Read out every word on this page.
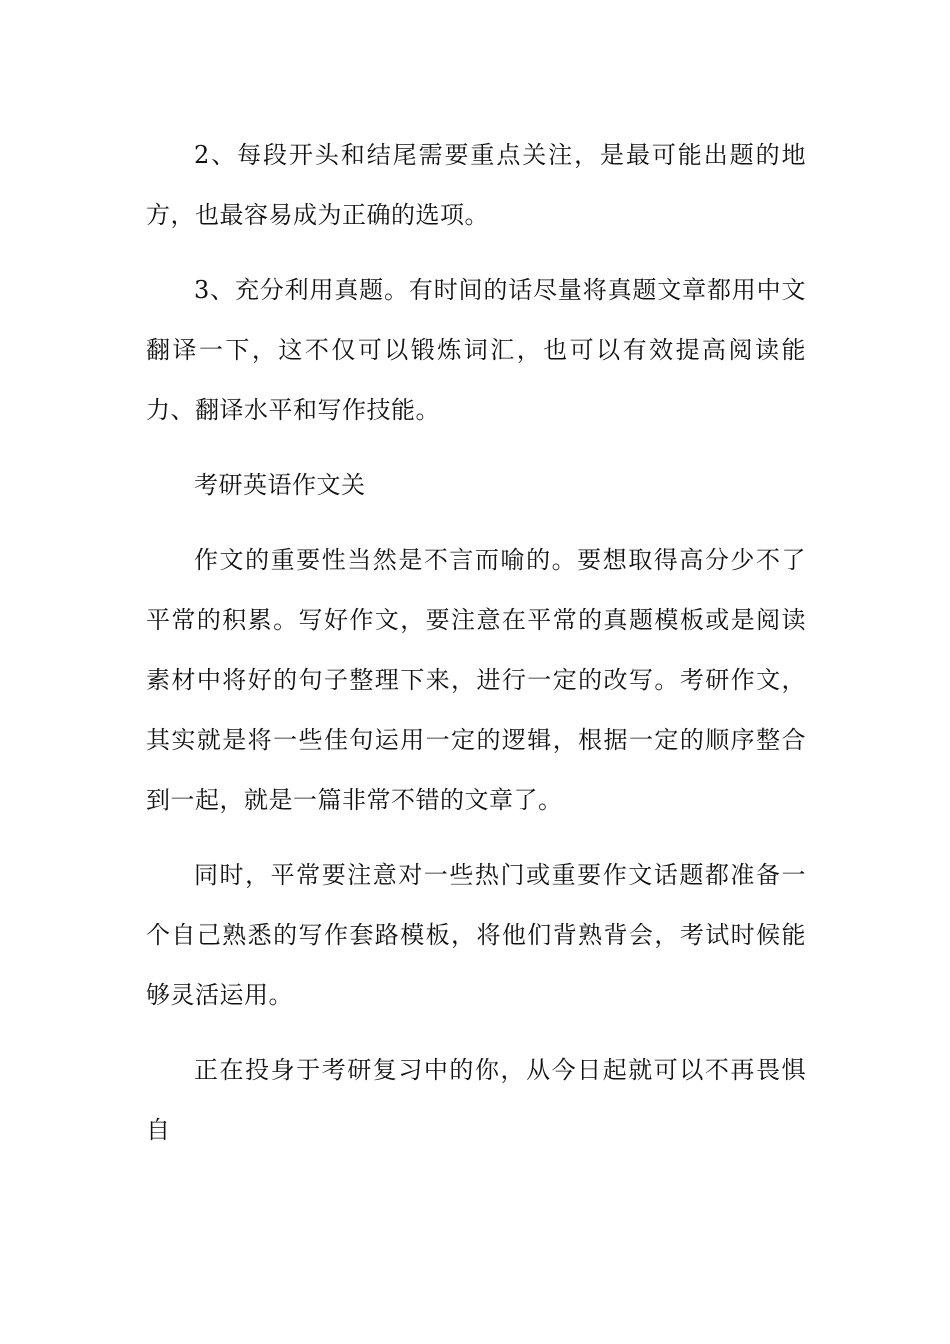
2、每段开头和结尾需要重点关注，是最可能出题的地方，也最容易成为正确的选项。

3、充分利用真题。有时间的话尽量将真题文章都用中文翻译一下，这不仅可以锻炼词汇，也可以有效提高阅读能力、翻译水平和写作技能。

考研英语作文关

作文的重要性当然是不言而喻的。要想取得高分少不了平常的积累。写好作文，要注意在平常的真题模板或是阅读素材中将好的句子整理下来，进行一定的改写。考研作文，其实就是将一些佳句运用一定的逻辑，根据一定的顺序整合到一起，就是一篇非常不错的文章了。

同时，平常要注意对一些热门或重要作文话题都准备一个自己熟悉的写作套路模板，将他们背熟背会，考试时候能够灵活运用。

正在投身于考研复习中的你，从今日起就可以不再畏惧自
